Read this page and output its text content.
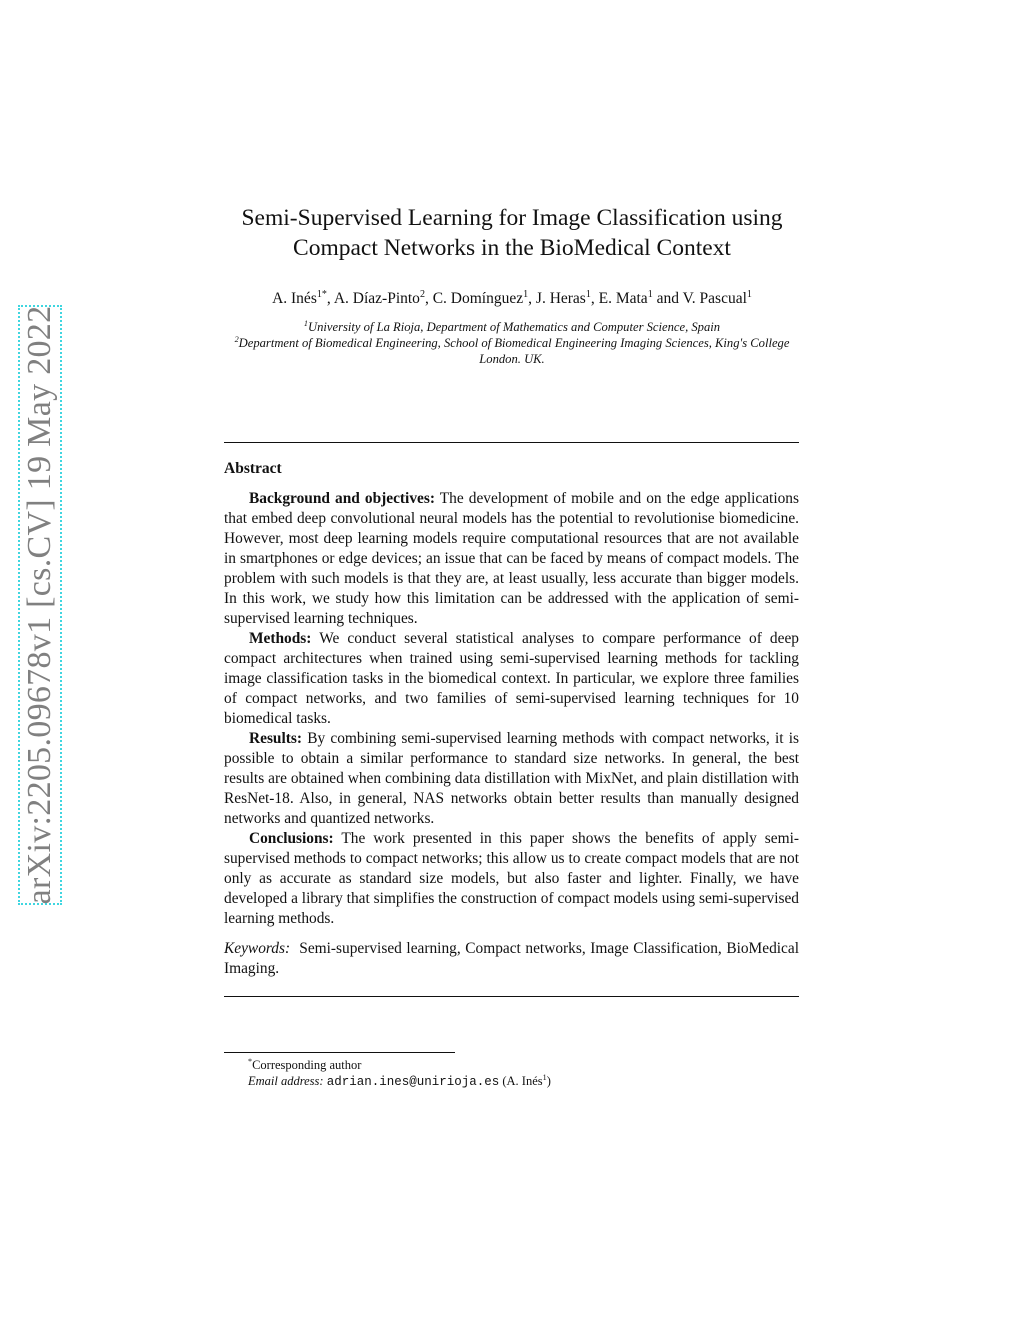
arXiv:2205.09678v1 [cs.CV] 19 May 2022
Semi-Supervised Learning for Image Classification using
Compact Networks in the BioMedical Context
A. Inés$^{1*}$, A. Díaz-Pinto$^2$, C. Domínguez$^1$, J. Heras$^1$, E. Mata$^1$ and V. Pascual$^1$
$^1$University of La Rioja, Department of Mathematics and Computer Science, Spain
$^2$Department of Biomedical Engineering, School of Biomedical Engineering Imaging Sciences, King's College London. UK.
Abstract

Background and objectives: The development of mobile and on the edge applications that embed deep convolutional neural models has the potential to revolutionise biomedicine. However, most deep learning models require computational resources that are not available in smartphones or edge devices; an issue that can be faced by means of compact models. The problem with such models is that they are, at least usually, less accurate than bigger models. In this work, we study how this limitation can be addressed with the application of semi-supervised learning techniques.

Methods: We conduct several statistical analyses to compare performance of deep compact architectures when trained using semi-supervised learning methods for tackling image classification tasks in the biomedical context. In particular, we explore three families of compact networks, and two families of semi-supervised learning techniques for 10 biomedical tasks.

Results: By combining semi-supervised learning methods with compact networks, it is possible to obtain a similar performance to standard size networks. In general, the best results are obtained when combining data distillation with MixNet, and plain distillation with ResNet-18. Also, in general, NAS networks obtain better results than manually designed networks and quantized networks.

Conclusions: The work presented in this paper shows the benefits of apply semi-supervised methods to compact networks; this allow us to create compact models that are not only as accurate as standard size models, but also faster and lighter. Finally, we have developed a library that simplifies the construction of compact models using semi-supervised learning methods.

Keywords: Semi-supervised learning, Compact networks, Image Classification, BioMedical Imaging.

*Corresponding author
Email address: adrian.ines@unirioja.es (A. Inés$^1$)
